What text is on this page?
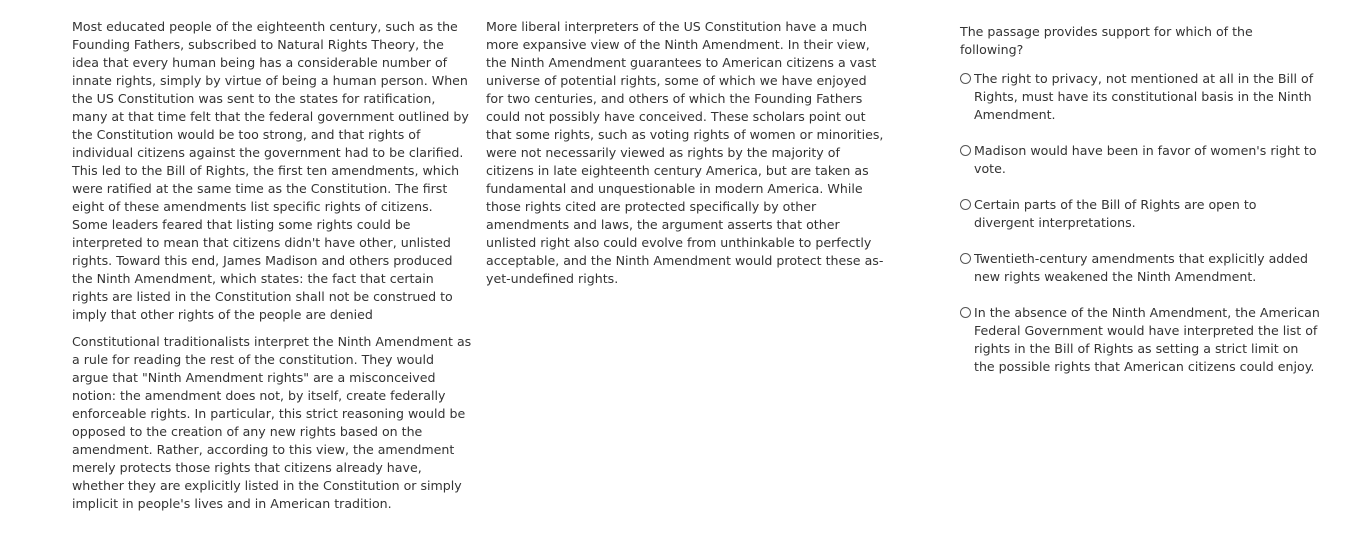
Most educated people of the eighteenth century, such as the Founding Fathers, subscribed to Natural Rights Theory, the idea that every human being has a considerable number of innate rights, simply by virtue of being a human person. When the US Constitution was sent to the states for ratification, many at that time felt that the federal government outlined by the Constitution would be too strong, and that rights of individual citizens against the government had to be clarified. This led to the Bill of Rights, the first ten amendments, which were ratified at the same time as the Constitution. The first eight of these amendments list specific rights of citizens. Some leaders feared that listing some rights could be interpreted to mean that citizens didn't have other, unlisted rights. Toward this end, James Madison and others produced the Ninth Amendment, which states: the fact that certain rights are listed in the Constitution shall not be construed to imply that other rights of the people are denied

Constitutional traditionalists interpret the Ninth Amendment as a rule for reading the rest of the constitution. They would argue that "Ninth Amendment rights" are a misconceived notion: the amendment does not, by itself, create federally enforceable rights. In particular, this strict reasoning would be opposed to the creation of any new rights based on the amendment. Rather, according to this view, the amendment merely protects those rights that citizens already have, whether they are explicitly listed in the Constitution or simply implicit in people's lives and in American tradition.

More liberal interpreters of the US Constitution have a much more expansive view of the Ninth Amendment. In their view, the Ninth Amendment guarantees to American citizens a vast universe of potential rights, some of which we have enjoyed for two centuries, and others of which the Founding Fathers could not possibly have conceived. These scholars point out that some rights, such as voting rights of women or minorities, were not necessarily viewed as rights by the majority of citizens in late eighteenth century America, but are taken as fundamental and unquestionable in modern America. While those rights cited are protected specifically by other amendments and laws, the argument asserts that other unlisted right also could evolve from unthinkable to perfectly acceptable, and the Ninth Amendment would protect these as-yet-undefined rights.

The passage provides support for which of the following?
The right to privacy, not mentioned at all in the Bill of Rights, must have its constitutional basis in the Ninth Amendment.
Madison would have been in favor of women's right to vote.
Certain parts of the Bill of Rights are open to divergent interpretations.
Twentieth-century amendments that explicitly added new rights weakened the Ninth Amendment.
In the absence of the Ninth Amendment, the American Federal Government would have interpreted the list of rights in the Bill of Rights as setting a strict limit on the possible rights that American citizens could enjoy.
